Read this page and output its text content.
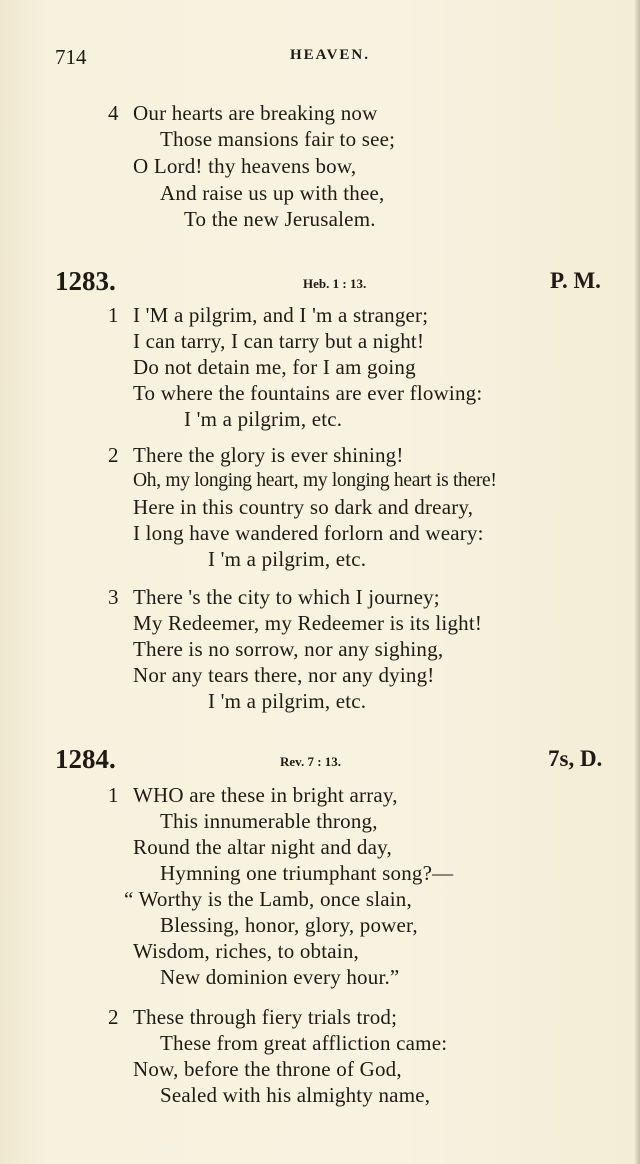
714	HEAVEN.
4 Our hearts are breaking now
Those mansions fair to see;
O Lord! thy heavens bow,
And raise us up with thee,
To the new Jerusalem.
1283.	Heb. 1 : 13.	P. M.
1 I 'M a pilgrim, and I 'm a stranger;
I can tarry, I can tarry but a night!
Do not detain me, for I am going
To where the fountains are ever flowing:
I 'm a pilgrim, etc.
2 There the glory is ever shining!
Oh, my longing heart, my longing heart is there!
Here in this country so dark and dreary,
I long have wandered forlorn and weary:
I 'm a pilgrim, etc.
3 There 's the city to which I journey;
My Redeemer, my Redeemer is its light!
There is no sorrow, nor any sighing,
Nor any tears there, nor any dying!
I 'm a pilgrim, etc.
1284.	Rev. 7 : 13.	7s, D.
1 WHO are these in bright array,
This innumerable throng,
Round the altar night and day,
Hymning one triumphant song?—
“ Worthy is the Lamb, once slain,
Blessing, honor, glory, power,
Wisdom, riches, to obtain,
New dominion every hour.”
2 These through fiery trials trod;
These from great affliction came:
Now, before the throne of God,
Sealed with his almighty name,
